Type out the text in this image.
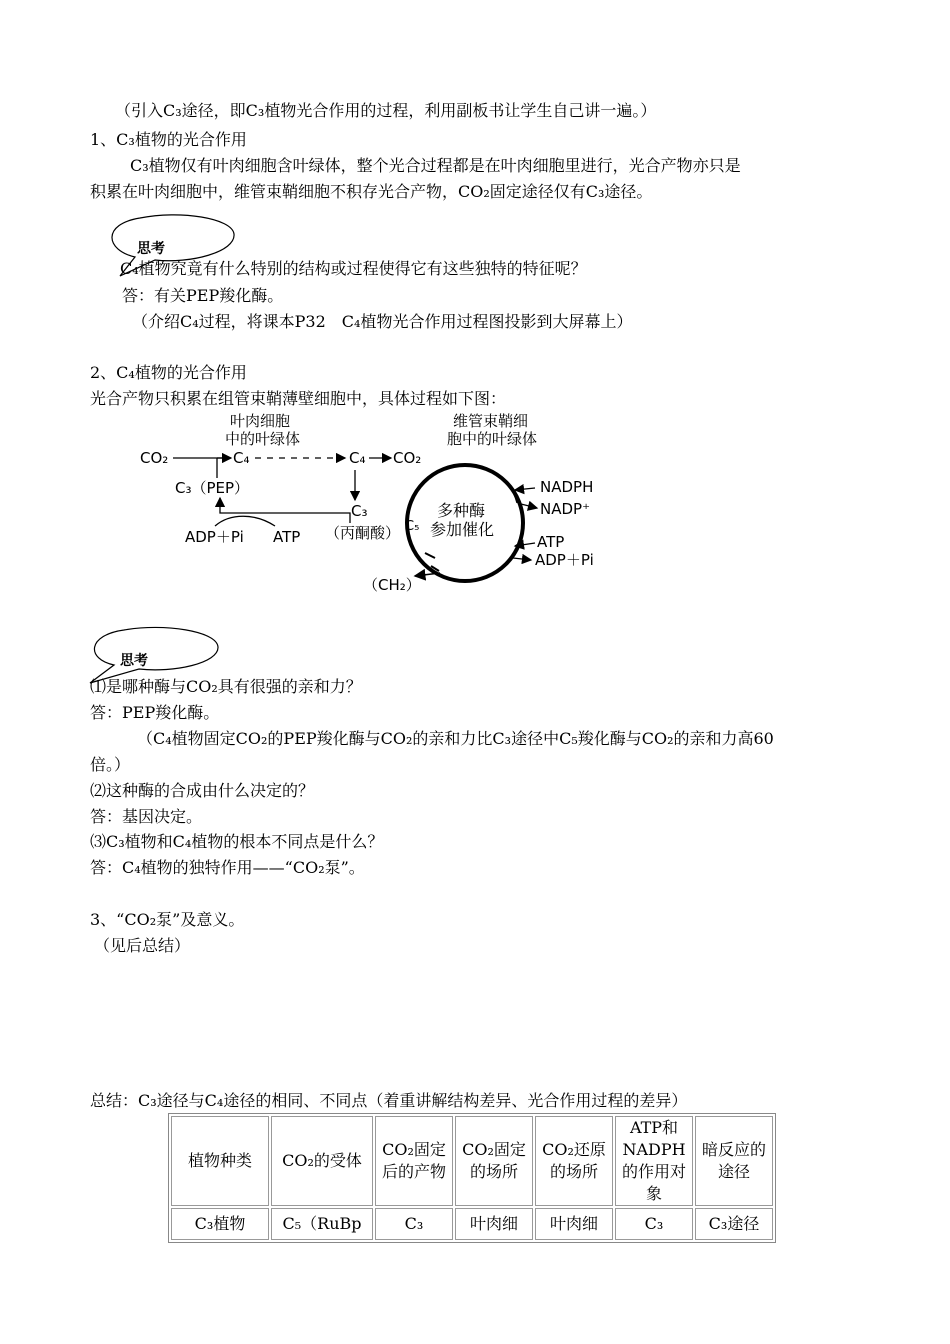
（引入C₃途径，即C₃植物光合作用的过程，利用副板书让学生自己讲一遍。）
1、C₃植物的光合作用
C₃植物仅有叶肉细胞含叶绿体，整个光合过程都是在叶肉细胞里进行，光合产物亦只是
积累在叶肉细胞中，维管束鞘细胞不积存光合产物，CO₂固定途径仅有C₃途径。
思考
C₄植物究竟有什么特别的结构或过程使得它有这些独特的特征呢？
答：有关PEP羧化酶。
（介绍C₄过程，将课本P32　C₄植物光合作用过程图投影到大屏幕上）
2、C₄植物的光合作用
光合产物只积累在组管束鞘薄壁细胞中，具体过程如下图：
叶肉细胞
中的叶绿体
维管束鞘细
胞中的叶绿体
CO₂	C₄	C₄ CO₂
C₃（PEP）
C₃
（丙酮酸）
ADP＋Pi ATP
多种酶
参加催化
C₅
NADPH
NADP⁺
ATP
ADP＋Pi
（CH₂）
思考
⑴是哪种酶与CO₂具有很强的亲和力？
答：PEP羧化酶。
（C₄植物固定CO₂的PEP羧化酶与CO₂的亲和力比C₃途径中C₅羧化酶与CO₂的亲和力高60
倍。）
⑵这种酶的合成由什么决定的？
答：基因决定。
⑶C₃植物和C₄植物的根本不同点是什么？
答：C₄植物的独特作用——“CO₂泵”。
3、“CO₂泵”及意义。
（见后总结）
总结：C₃途径与C₄途径的相同、不同点（着重讲解结构差异、光合作用过程的差异）
植物种类	CO₂的受体	CO₂固定后的产物	CO₂固定的场所	CO₂还原的场所	ATP和NADPH的作用对象	暗反应的途径
C₃植物	C₅（RuBp	C₃	叶肉细	叶肉细	C₃	C₃途径
